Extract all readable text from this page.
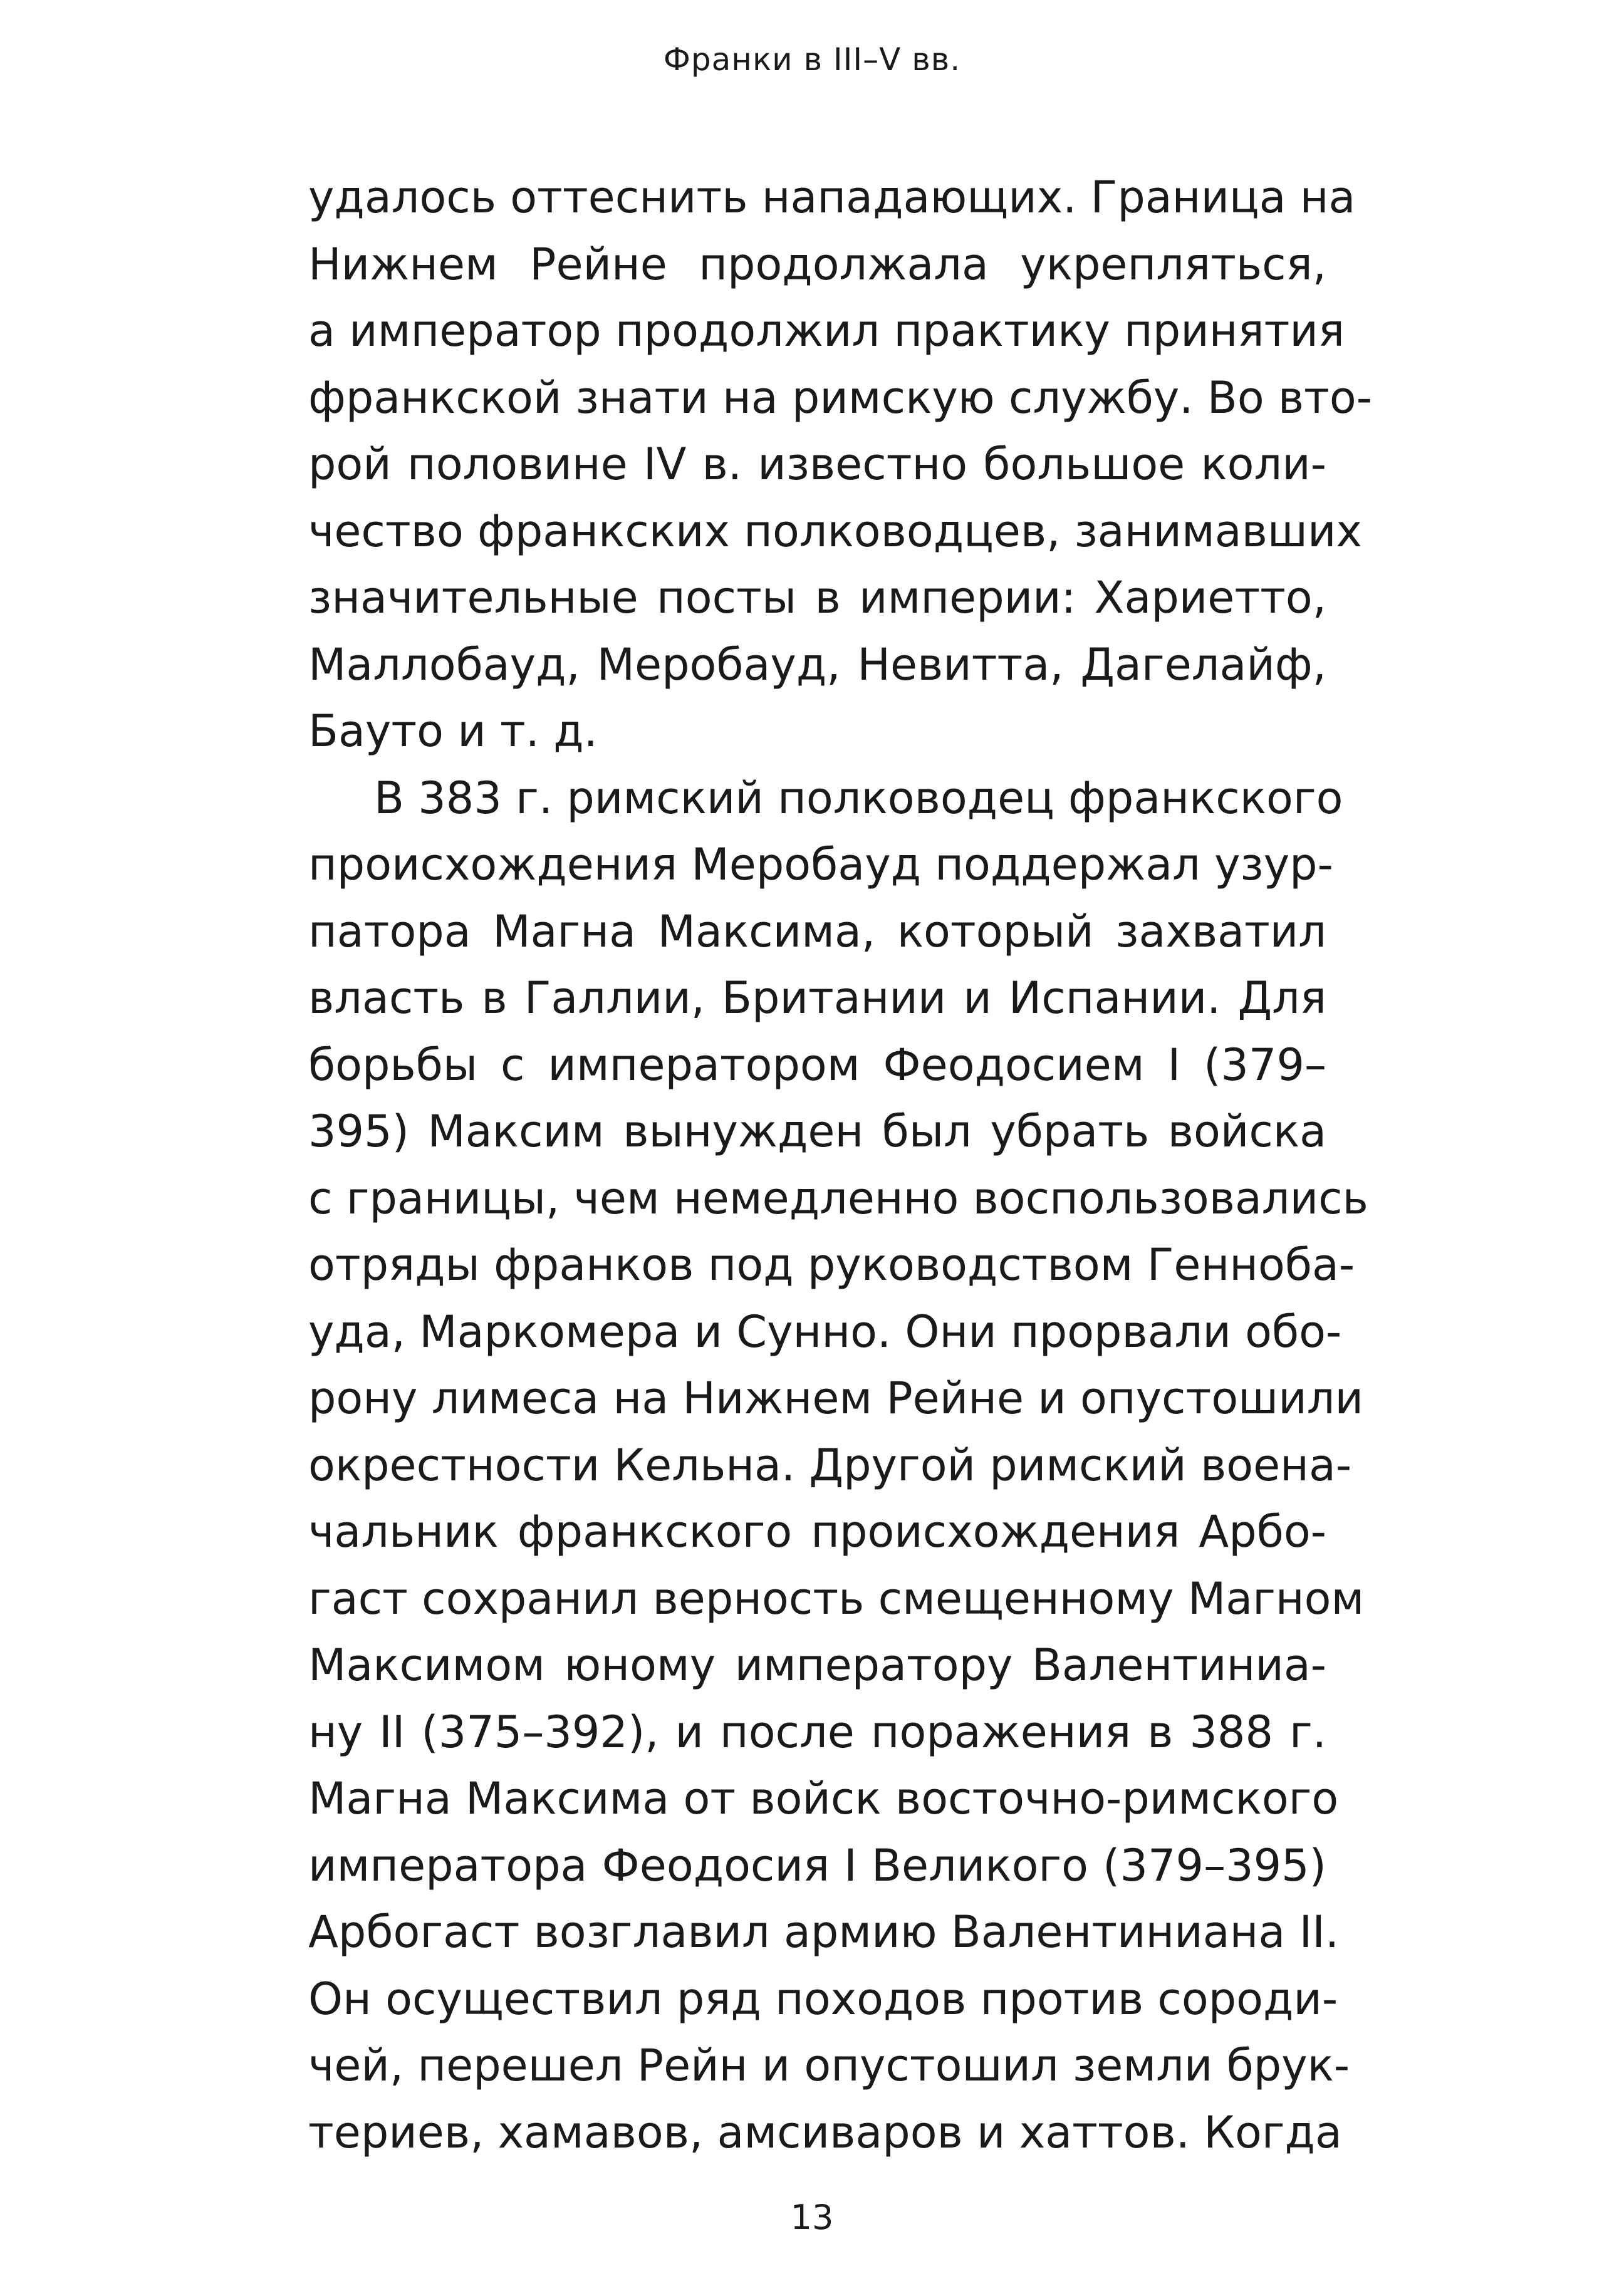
Франки в III–V вв.
удалось оттеснить нападающих. Граница на
Нижнем Рейне продолжала укрепляться,
а император продолжил практику принятия
франкской знати на римскую службу. Во вто-
рой половине IV в. известно большое коли-
чество франкских полководцев, занимавших
значительные посты в империи: Хариетто,
Маллобауд, Меробауд, Невитта, Дагелайф,
Бауто и т. д.
В 383 г. римский полководец франкского
происхождения Меробауд поддержал узур-
патора Магна Максима, который захватил
власть в Галлии, Британии и Испании. Для
борьбы с императором Феодосием I (379–
395) Максим вынужден был убрать войска
с границы, чем немедленно воспользовались
отряды франков под руководством Генноба-
уда, Маркомера и Сунно. Они прорвали обо-
рону лимеса на Нижнем Рейне и опустошили
окрестности Кельна. Другой римский воена-
чальник франкского происхождения Арбо-
гаст сохранил верность смещенному Магном
Максимом юному императору Валентиниа-
ну II (375–392), и после поражения в 388 г.
Магна Максима от войск восточно-римского
императора Феодосия I Великого (379–395)
Арбогаст возглавил армию Валентиниана II.
Он осуществил ряд походов против сороди-
чей, перешел Рейн и опустошил земли брук-
териев, хамавов, амсиваров и хаттов. Когда
13
